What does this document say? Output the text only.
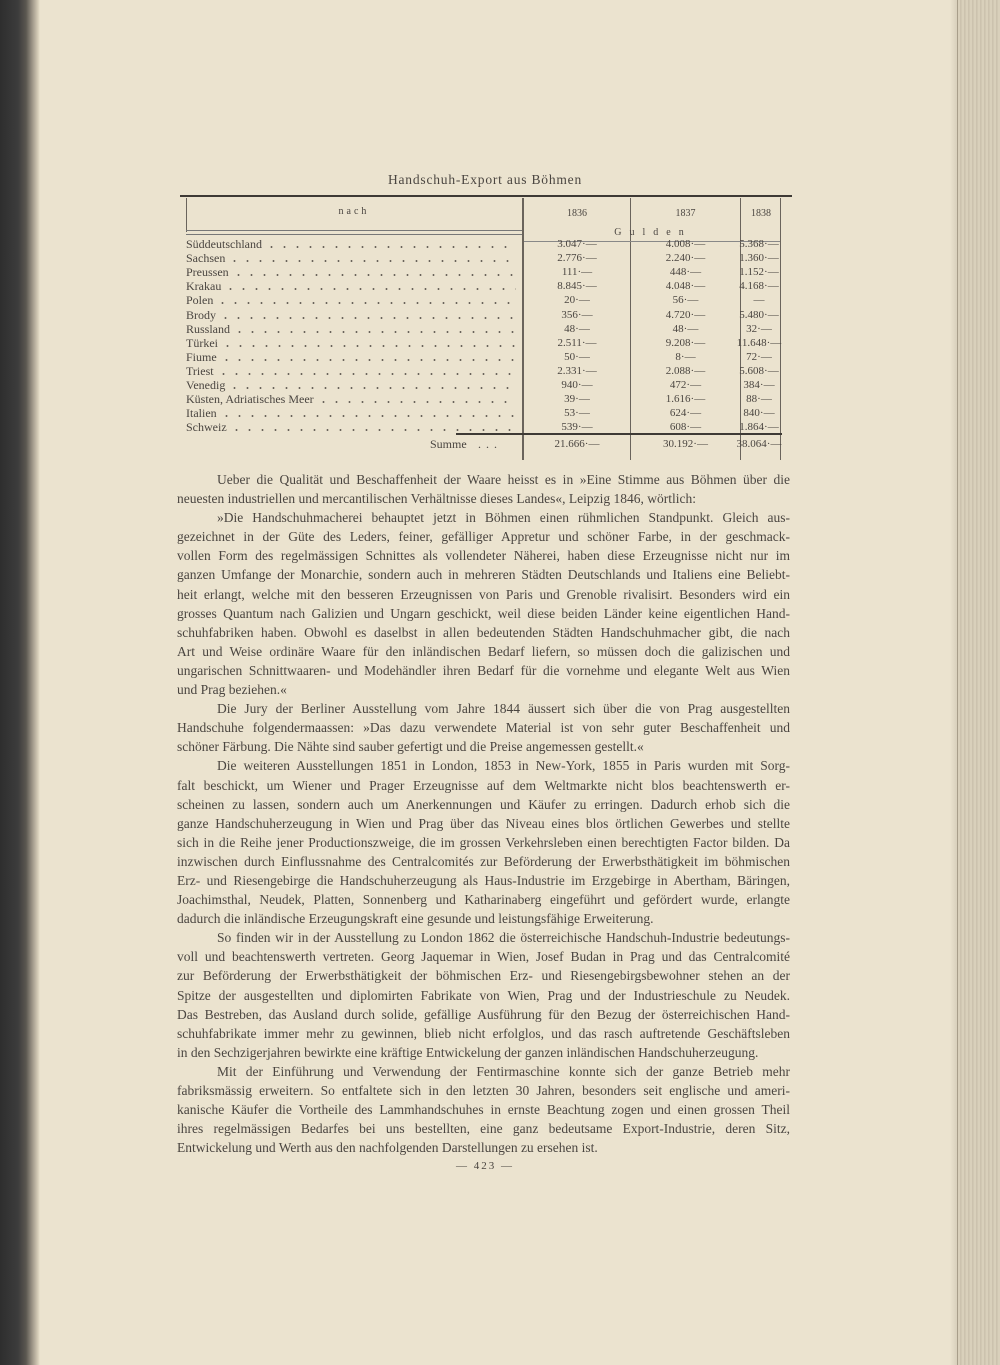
Handschuh-Export aus Böhmen
nach	1836	1837	1838
Gulden
Summe ...	21.666·—	30.192·—	38.064·—
Süddeutschland	3.047·—	4.008·—	5.368·—
Sachsen	2.776·—	2.240·—	1.360·—
Preussen	111·—	448·—	1.152·—
Krakau	8.845·—	4.048·—	4.168·—
Polen	20·—	56·—	—
Brody	356·—	4.720·—	5.480·—
Russland	48·—	48·—	32·—
Türkei	2.511·—	9.208·—	11.648·—
Fiume	50·—	8·—	72·—
Triest	2.331·—	2.088·—	5.608·—
Venedig	940·—	472·—	384·—
Küsten, Adriatisches Meer	39·—	1.616·—	88·—
Italien	53·—	624·—	840·—
Schweiz	539·—	608·—	1.864·—
Ueber die Qualität und Beschaffenheit der Waare heisst es in »Eine Stimme aus Böhmen über die
neuesten industriellen und mercantilischen Verhältnisse dieses Landes«, Leipzig 1846, wörtlich:
»Die Handschuhmacherei behauptet jetzt in Böhmen einen rühmlichen Standpunkt. Gleich aus-
gezeichnet in der Güte des Leders, feiner, gefälliger Appretur und schöner Farbe, in der geschmack-
vollen Form des regelmässigen Schnittes als vollendeter Näherei, haben diese Erzeugnisse nicht nur im
ganzen Umfange der Monarchie, sondern auch in mehreren Städten Deutschlands und Italiens eine Beliebt-
heit erlangt, welche mit den besseren Erzeugnissen von Paris und Grenoble rivalisirt. Besonders wird ein
grosses Quantum nach Galizien und Ungarn geschickt, weil diese beiden Länder keine eigentlichen Hand-
schuhfabriken haben. Obwohl es daselbst in allen bedeutenden Städten Handschuhmacher gibt, die nach
Art und Weise ordinäre Waare für den inländischen Bedarf liefern, so müssen doch die galizischen und
ungarischen Schnittwaaren- und Modehändler ihren Bedarf für die vornehme und elegante Welt aus Wien
und Prag beziehen.«
Die Jury der Berliner Ausstellung vom Jahre 1844 äussert sich über die von Prag ausgestellten
Handschuhe folgendermaassen: »Das dazu verwendete Material ist von sehr guter Beschaffenheit und
schöner Färbung. Die Nähte sind sauber gefertigt und die Preise angemessen gestellt.«
Die weiteren Ausstellungen 1851 in London, 1853 in New-York, 1855 in Paris wurden mit Sorg-
falt beschickt, um Wiener und Prager Erzeugnisse auf dem Weltmarkte nicht blos beachtenswerth er-
scheinen zu lassen, sondern auch um Anerkennungen und Käufer zu erringen. Dadurch erhob sich die
ganze Handschuherzeugung in Wien und Prag über das Niveau eines blos örtlichen Gewerbes und stellte
sich in die Reihe jener Productionszweige, die im grossen Verkehrsleben einen berechtigten Factor bilden. Da
inzwischen durch Einflussnahme des Centralcomités zur Beförderung der Erwerbsthätigkeit im böhmischen
Erz- und Riesengebirge die Handschuherzeugung als Haus-Industrie im Erzgebirge in Abertham, Bäringen,
Joachimsthal, Neudek, Platten, Sonnenberg und Katharinaberg eingeführt und gefördert wurde, erlangte
dadurch die inländische Erzeugungskraft eine gesunde und leistungsfähige Erweiterung.
So finden wir in der Ausstellung zu London 1862 die österreichische Handschuh-Industrie bedeutungs-
voll und beachtenswerth vertreten. Georg Jaquemar in Wien, Josef Budan in Prag und das Centralcomité
zur Beförderung der Erwerbsthätigkeit der böhmischen Erz- und Riesengebirgsbewohner stehen an der
Spitze der ausgestellten und diplomirten Fabrikate von Wien, Prag und der Industrieschule zu Neudek.
Das Bestreben, das Ausland durch solide, gefällige Ausführung für den Bezug der österreichischen Hand-
schuhfabrikate immer mehr zu gewinnen, blieb nicht erfolglos, und das rasch auftretende Geschäftsleben
in den Sechzigerjahren bewirkte eine kräftige Entwickelung der ganzen inländischen Handschuherzeugung.
Mit der Einführung und Verwendung der Fentirmaschine konnte sich der ganze Betrieb mehr
fabriksmässig erweitern. So entfaltete sich in den letzten 30 Jahren, besonders seit englische und ameri-
kanische Käufer die Vortheile des Lammhandschuhes in ernste Beachtung zogen und einen grossen Theil
ihres regelmässigen Bedarfes bei uns bestellten, eine ganz bedeutsame Export-Industrie, deren Sitz,
Entwickelung und Werth aus den nachfolgenden Darstellungen zu ersehen ist.
— 423 —
